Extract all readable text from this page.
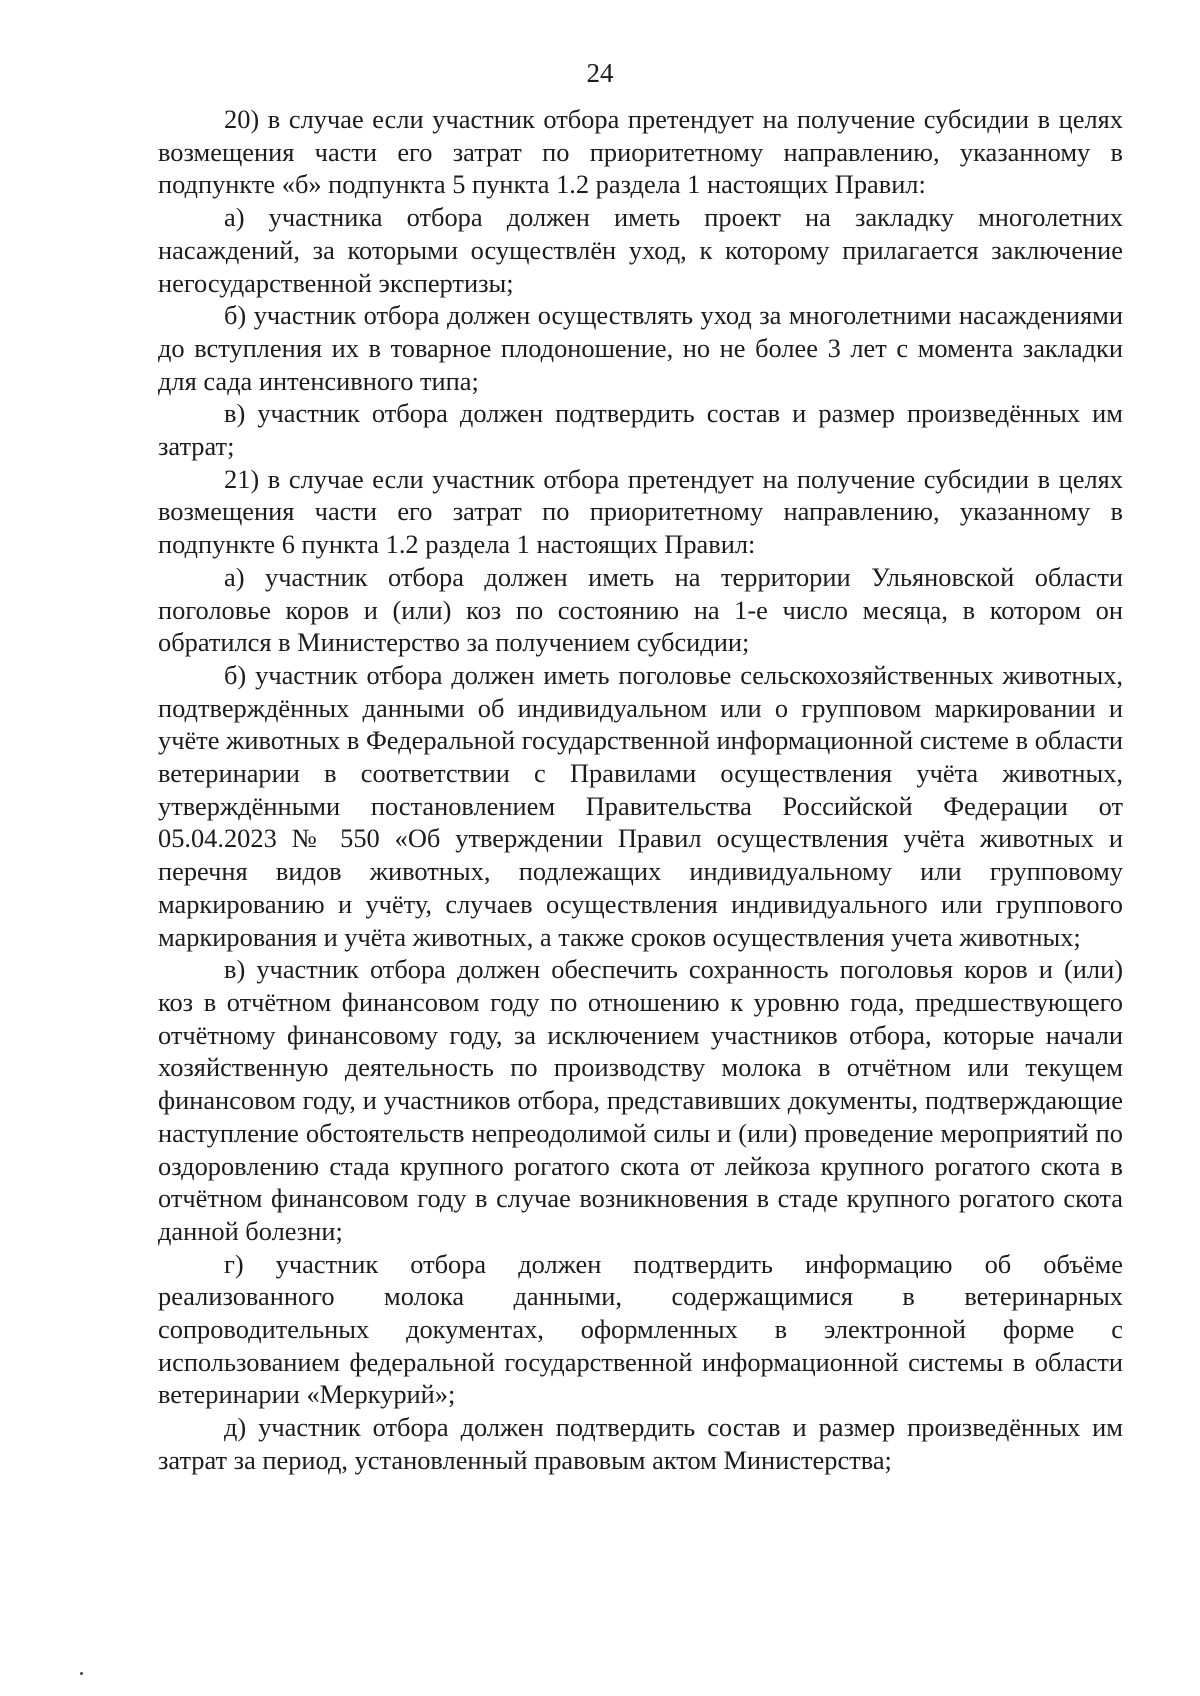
24

20) в случае если участник отбора претендует на получение субсидии в целях возмещения части его затрат по приоритетному направлению, указанному в подпункте «б» подпункта 5 пункта 1.2 раздела 1 настоящих Правил:

а) участника отбора должен иметь проект на закладку многолетних насаждений, за которыми осуществлён уход, к которому прилагается заключение негосударственной экспертизы;

б) участник отбора должен осуществлять уход за многолетними насаждениями до вступления их в товарное плодоношение, но не более 3 лет с момента закладки для сада интенсивного типа;

в) участник отбора должен подтвердить состав и размер произведённых им затрат;

21) в случае если участник отбора претендует на получение субсидии в целях возмещения части его затрат по приоритетному направлению, указанному в подпункте 6 пункта 1.2 раздела 1 настоящих Правил:

а) участник отбора должен иметь на территории Ульяновской области поголовье коров и (или) коз по состоянию на 1-е число месяца, в котором он обратился в Министерство за получением субсидии;

б) участник отбора должен иметь поголовье сельскохозяйственных животных, подтверждённых данными об индивидуальном или о групповом маркировании и учёте животных в Федеральной государственной информационной системе в области ветеринарии в соответствии с Правилами осуществления учёта животных, утверждёнными постановлением Правительства Российской Федерации от 05.04.2023 № 550 «Об утверждении Правил осуществления учёта животных и перечня видов животных, подлежащих индивидуальному или групповому маркированию и учёту, случаев осуществления индивидуального или группового маркирования и учёта животных, а также сроков осуществления учета животных;

в) участник отбора должен обеспечить сохранность поголовья коров и (или) коз в отчётном финансовом году по отношению к уровню года, предшествующего отчётному финансовому году, за исключением участников отбора, которые начали хозяйственную деятельность по производству молока в отчётном или текущем финансовом году, и участников отбора, представивших документы, подтверждающие наступление обстоятельств непреодолимой силы и (или) проведение мероприятий по оздоровлению стада крупного рогатого скота от лейкоза крупного рогатого скота в отчётном финансовом году в случае возникновения в стаде крупного рогатого скота данной болезни;

г) участник отбора должен подтвердить информацию об объёме реализованного молока данными, содержащимися в ветеринарных сопроводительных документах, оформленных в электронной форме с использованием федеральной государственной информационной системы в области ветеринарии «Меркурий»;

д) участник отбора должен подтвердить состав и размер произведённых им затрат за период, установленный правовым актом Министерства;
